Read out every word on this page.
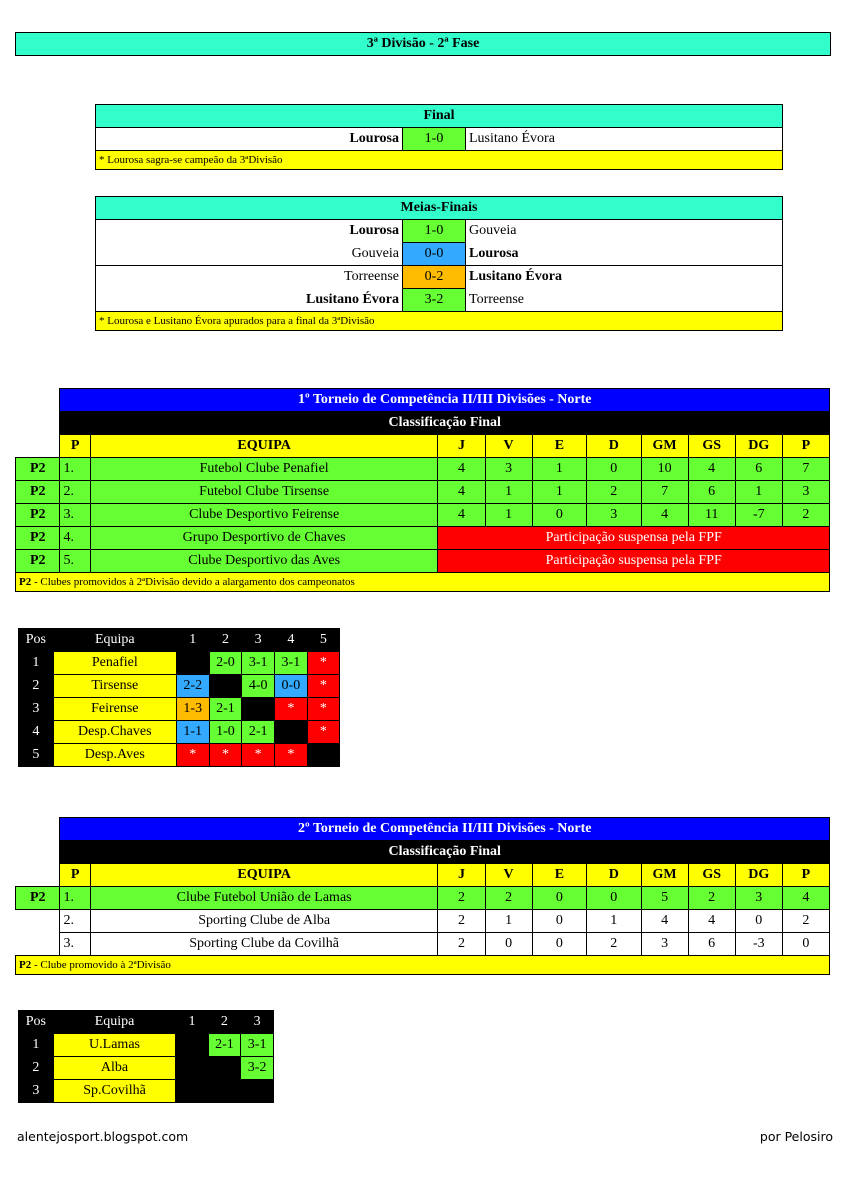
3ª Divisão - 2ª Fase
Final
Lourosa	1-0	Lusitano Évora
* Lourosa sagra-se campeão da 3ªDivisão
Meias-Finais		
Lourosa	1-0	Gouveia
Gouveia	0-0	Lourosa
Torreense	0-2	Lusitano Évora
Lusitano Évora	3-2	Torreense
* Lourosa e Lusitano Évora apurados para a final da 3ªDivisão		
	1º Torneio de Competência II/III Divisões - Norte									
	Classificação Final									
	P	EQUIPA	J	V	E	D	GM	GS	DG	P
P2	1.	Futebol Clube Penafiel	4	3	1	0	10	4	6	7
P2	2.	Futebol Clube Tirsense	4	1	1	2	7	6	1	3
P2	3.	Clube Desportivo Feirense	4	1	0	3	4	11	-7	2
P2	4.	Grupo Desportivo de Chaves	Participação suspensa pela FPF							
P2	5.	Clube Desportivo das Aves	Participação suspensa pela FPF							
P2 - Clubes promovidos à 2ªDivisão devido a alargamento dos campeonatos										
Pos	Equipa	1	2	3	4	5
1	Penafiel		2-0	3-1	3-1	*
2	Tirsense	2-2		4-0	0-0	*
3	Feirense	1-3	2-1		*	*
4	Desp.Chaves	1-1	1-0	2-1		*
5	Desp.Aves	*	*	*	*	
	2º Torneio de Competência II/III Divisões - Norte									
	Classificação Final									
	P	EQUIPA	J	V	E	D	GM	GS	DG	P
P2	1.	Clube Futebol União de Lamas	2	2	0	0	5	2	3	4
	2.	Sporting Clube de Alba	2	1	0	1	4	4	0	2
	3.	Sporting Clube da Covilhã	2	0	0	2	3	6	-3	0
P2 - Clube promovido à 2ªDivisão										
Pos	Equipa	1	2	3
1	U.Lamas		2-1	3-1
2	Alba			3-2
3	Sp.Covilhã			
alentejosport.blogspot.com	por Pelosiro
